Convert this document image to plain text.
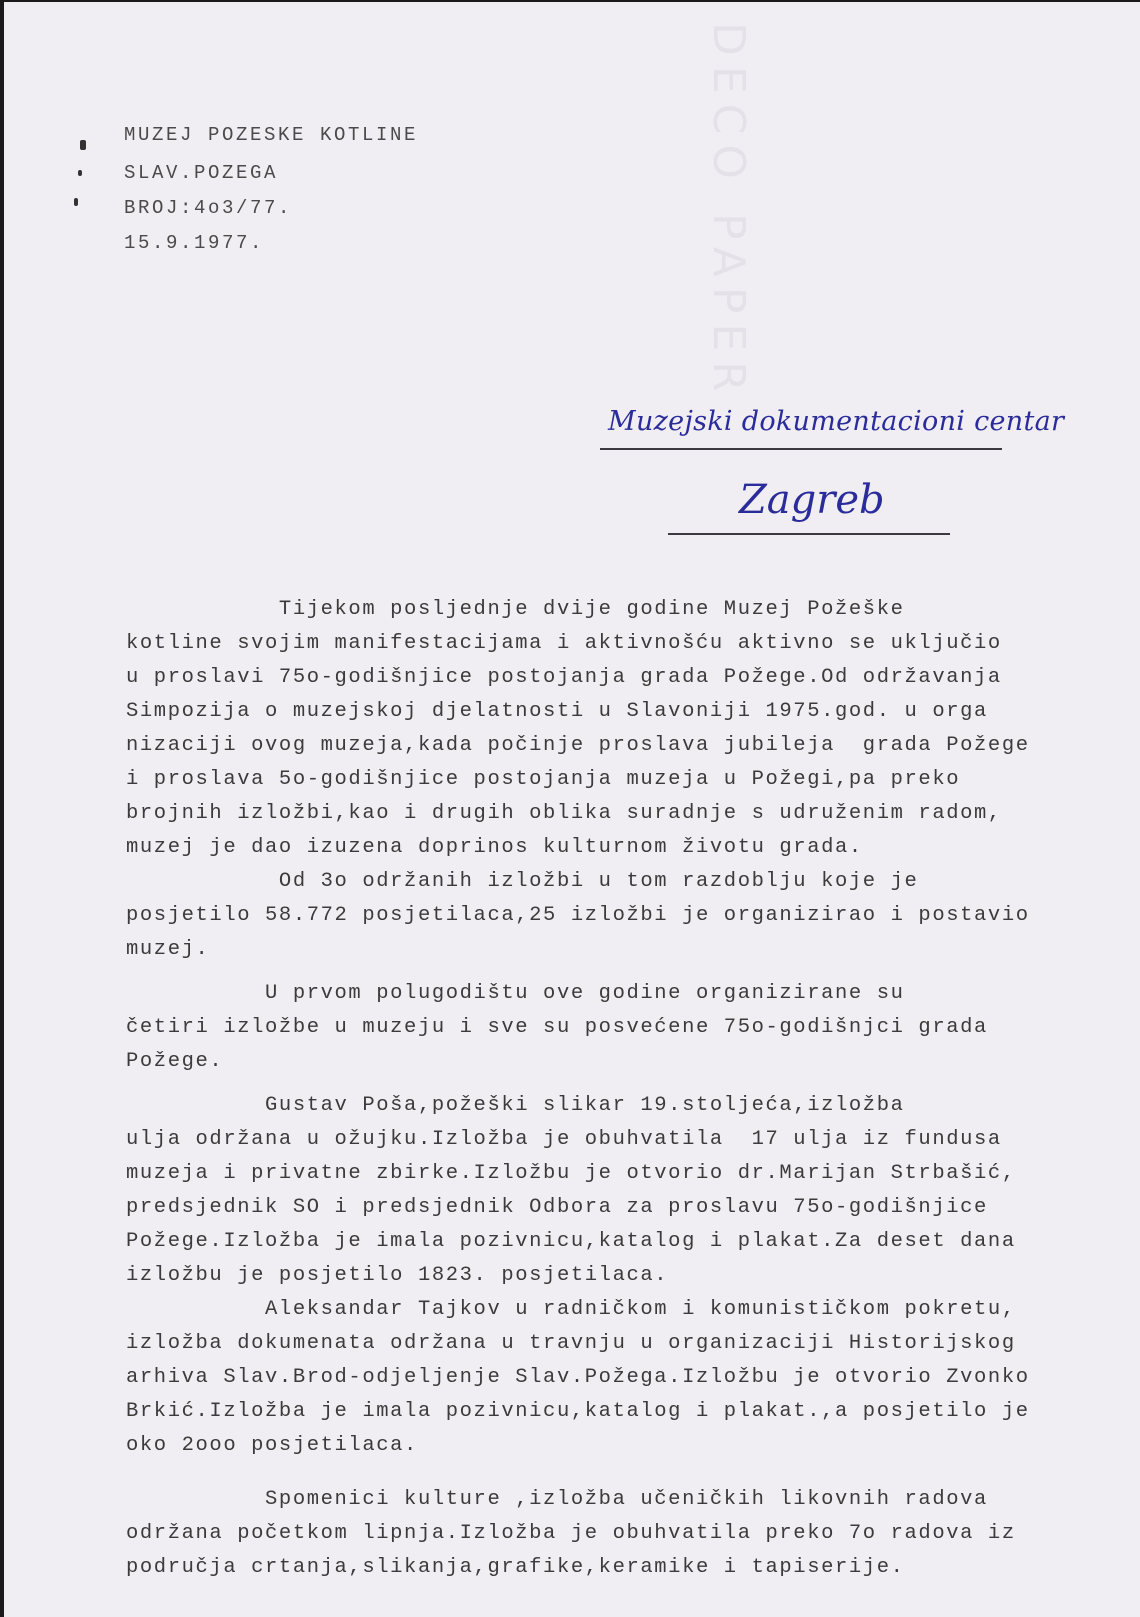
DECO PAPER
MUZEJ POZESKE KOTLINE
SLAV.POZEGA
BROJ:4o3/77.
15.9.1977.
Muzejski dokumentacioni centar
Zagreb
Tijekom posljednje dvije godine Muzej Požeške
kotline svojim manifestacijama i aktivnošću aktivno se uključio
u proslavi 75o-godišnjice postojanja grada Požege.Od održavanja
Simpozija o muzejskoj djelatnosti u Slavoniji 1975.god. u orga
nizaciji ovog muzeja,kada počinje proslava jubileja  grada Požege
i proslava 5o-godišnjice postojanja muzeja u Požegi,pa preko
brojnih izložbi,kao i drugih oblika suradnje s udruženim radom,
muzej je dao izuzena doprinos kulturnom životu grada.
Od 3o održanih izložbi u tom razdoblju koje je
posjetilo 58.772 posjetilaca,25 izložbi je organizirao i postavio
muzej.
U prvom polugodištu ove godine organizirane su
četiri izložbe u muzeju i sve su posvećene 75o-godišnjci grada
Požege.
Gustav Poša,požeški slikar 19.stoljeća,izložba
ulja održana u ožujku.Izložba je obuhvatila  17 ulja iz fundusa
muzeja i privatne zbirke.Izložbu je otvorio dr.Marijan Strbašić,
predsjednik SO i predsjednik Odbora za proslavu 75o-godišnjice
Požege.Izložba je imala pozivnicu,katalog i plakat.Za deset dana
izložbu je posjetilo 1823. posjetilaca.
Aleksandar Tajkov u radničkom i komunističkom pokretu,
izložba dokumenata održana u travnju u organizaciji Historijskog
arhiva Slav.Brod-odjeljenje Slav.Požega.Izložbu je otvorio Zvonko
Brkić.Izložba je imala pozivnicu,katalog i plakat.,a posjetilo je
oko 2ooo posjetilaca.
Spomenici kulture ,izložba učeničkih likovnih radova
održana početkom lipnja.Izložba je obuhvatila preko 7o radova iz
područja crtanja,slikanja,grafike,keramike i tapiserije.
